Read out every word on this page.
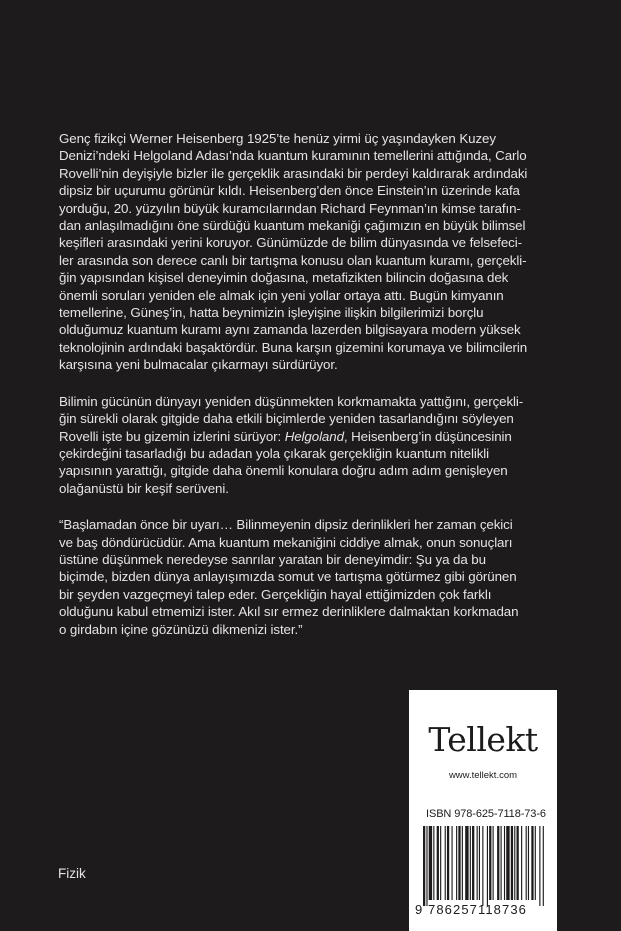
Genç fizikçi Werner Heisenberg 1925’te henüz yirmi üç yaşındayken Kuzey
Denizi’ndeki Helgoland Adası’nda kuantum kuramının temellerini attığında, Carlo
Rovelli’nin deyişiyle bizler ile gerçeklik arasındaki bir perdeyi kaldırarak ardındaki
dipsiz bir uçurumu görünür kıldı. Heisenberg’den önce Einstein’ın üzerinde kafa
yorduğu, 20. yüzyılın büyük kuramcılarından Richard Feynman’ın kimse tarafın-
dan anlaşılmadığını öne sürdüğü kuantum mekaniği çağımızın en büyük bilimsel
keşifleri arasındaki yerini koruyor. Günümüzde de bilim dünyasında ve felsefeci-
ler arasında son derece canlı bir tartışma konusu olan kuantum kuramı, gerçekli-
ğin yapısından kişisel deneyimin doğasına, metafizikten bilincin doğasına dek
önemli soruları yeniden ele almak için yeni yollar ortaya attı. Bugün kimyanın
temellerine, Güneş’in, hatta beynimizin işleyişine ilişkin bilgilerimizi borçlu
olduğumuz kuantum kuramı aynı zamanda lazerden bilgisayara modern yüksek
teknolojinin ardındaki başaktördür. Buna karşın gizemini korumaya ve bilimcilerin
karşısına yeni bulmacalar çıkarmayı sürdürüyor.
Bilimin gücünün dünyayı yeniden düşünmekten korkmamakta yattığını, gerçekli-
ğin sürekli olarak gitgide daha etkili biçimlerde yeniden tasarlandığını söyleyen
Rovelli işte bu gizemin izlerini sürüyor: Helgoland, Heisenberg’in düşüncesinin
çekirdeğini tasarladığı bu adadan yola çıkarak gerçekliğin kuantum nitelikli
yapısının yarattığı, gitgide daha önemli konulara doğru adım adım genişleyen
olağanüstü bir keşif serüveni.
“Başlamadan önce bir uyarı… Bilinmeyenin dipsiz derinlikleri her zaman çekici
ve baş döndürücüdür. Ama kuantum mekaniğini ciddiye almak, onun sonuçları
üstüne düşünmek neredeyse sanrılar yaratan bir deneyimdir: Şu ya da bu
biçimde, bizden dünya anlayışımızda somut ve tartışma götürmez gibi görünen
bir şeyden vazgeçmeyi talep eder. Gerçekliğin hayal ettiğimizden çok farklı
olduğunu kabul etmemizi ister. Akıl sır ermez derinliklere dalmaktan korkmadan
o girdabın içine gözünüzü dikmenizi ister.”
Fizik
Tellekt
www.tellekt.com
ISBN 978-625-7118-73-6
9 786257118736
